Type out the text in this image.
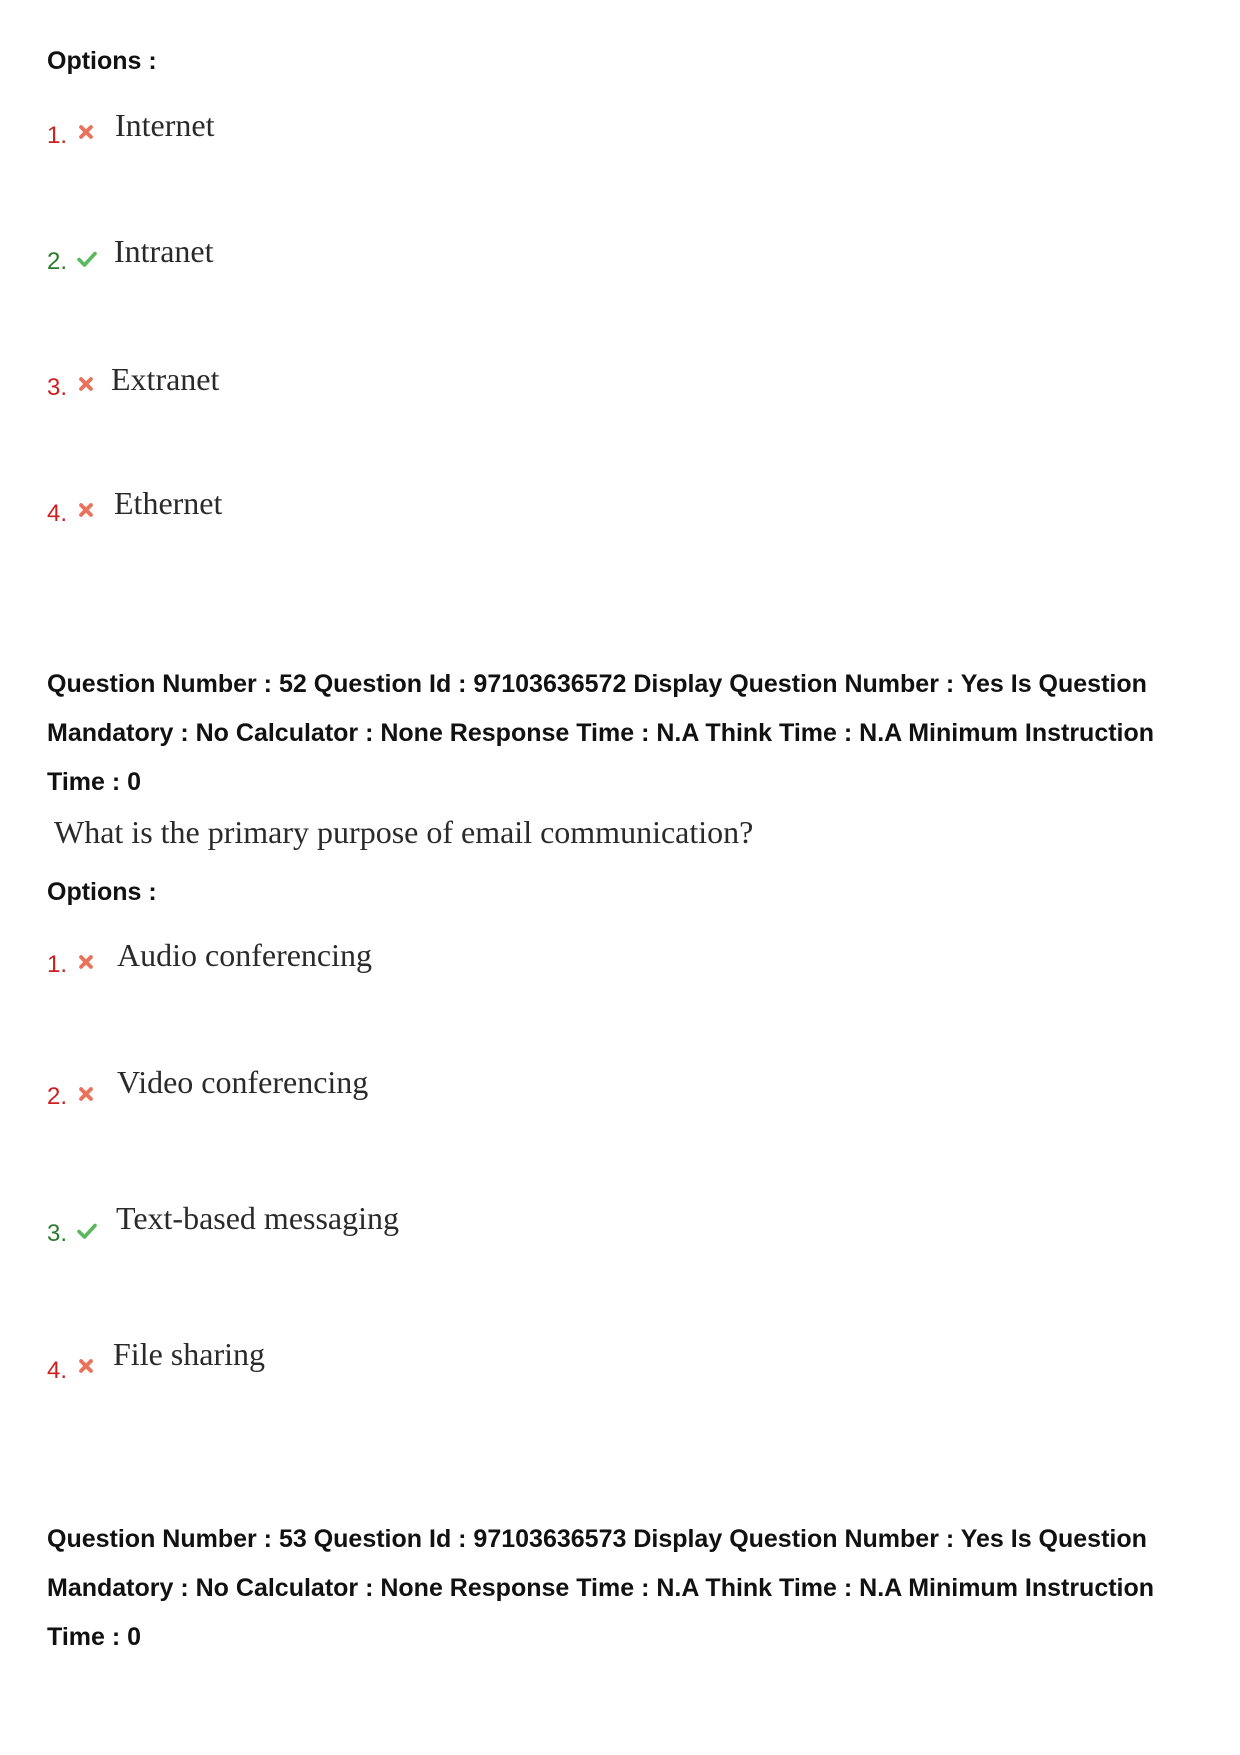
Options :
1. Internet
2. Intranet
3. Extranet
4. Ethernet
Question Number : 52 Question Id : 97103636572 Display Question Number : Yes Is Question
Mandatory : No Calculator : None Response Time : N.A Think Time : N.A Minimum Instruction
Time : 0
What is the primary purpose of email communication?
Options :
1. Audio conferencing
2. Video conferencing
3. Text-based messaging
4. File sharing
Question Number : 53 Question Id : 97103636573 Display Question Number : Yes Is Question
Mandatory : No Calculator : None Response Time : N.A Think Time : N.A Minimum Instruction
Time : 0
